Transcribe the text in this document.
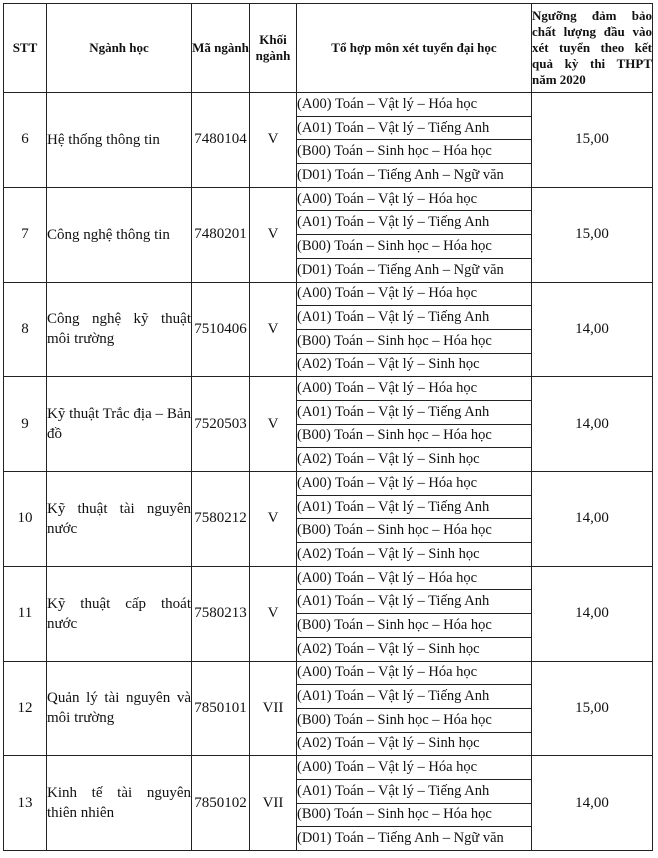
STT	Ngành học	Mã ngành	Khối ngành	Tổ hợp môn xét tuyển đại học	Ngưỡng đảm bảo chất lượng đầu vào xét tuyển theo kết quả kỳ thi THPT năm 2020
6	Hệ thống thông tin	7480104	V	(A00) Toán – Vật lý – Hóa học	15,00
				(A01) Toán – Vật lý – Tiếng Anh	
				(B00) Toán – Sinh học – Hóa học	
				(D01) Toán – Tiếng Anh – Ngữ văn	
7	Công nghệ thông tin	7480201	V	(A00) Toán – Vật lý – Hóa học	15,00
				(A01) Toán – Vật lý – Tiếng Anh	
				(B00) Toán – Sinh học – Hóa học	
				(D01) Toán – Tiếng Anh – Ngữ văn	
8	Công nghệ kỹ thuật môi trường	7510406	V	(A00) Toán – Vật lý – Hóa học	14,00
				(A01) Toán – Vật lý – Tiếng Anh	
				(B00) Toán – Sinh học – Hóa học	
				(A02) Toán – Vật lý – Sinh học	
9	Kỹ thuật Trắc địa – Bản đồ	7520503	V	(A00) Toán – Vật lý – Hóa học	14,00
				(A01) Toán – Vật lý – Tiếng Anh	
				(B00) Toán – Sinh học – Hóa học	
				(A02) Toán – Vật lý – Sinh học	
10	Kỹ thuật tài nguyên nước	7580212	V	(A00) Toán – Vật lý – Hóa học	14,00
				(A01) Toán – Vật lý – Tiếng Anh	
				(B00) Toán – Sinh học – Hóa học	
				(A02) Toán – Vật lý – Sinh học	
11	Kỹ thuật cấp thoát nước	7580213	V	(A00) Toán – Vật lý – Hóa học	14,00
				(A01) Toán – Vật lý – Tiếng Anh	
				(B00) Toán – Sinh học – Hóa học	
				(A02) Toán – Vật lý – Sinh học	
12	Quản lý tài nguyên và môi trường	7850101	VII	(A00) Toán – Vật lý – Hóa học	15,00
				(A01) Toán – Vật lý – Tiếng Anh	
				(B00) Toán – Sinh học – Hóa học	
				(A02) Toán – Vật lý – Sinh học	
13	Kinh tế tài nguyên thiên nhiên	7850102	VII	(A00) Toán – Vật lý – Hóa học	14,00
				(A01) Toán – Vật lý – Tiếng Anh	
				(B00) Toán – Sinh học – Hóa học	
				(D01) Toán – Tiếng Anh – Ngữ văn	
